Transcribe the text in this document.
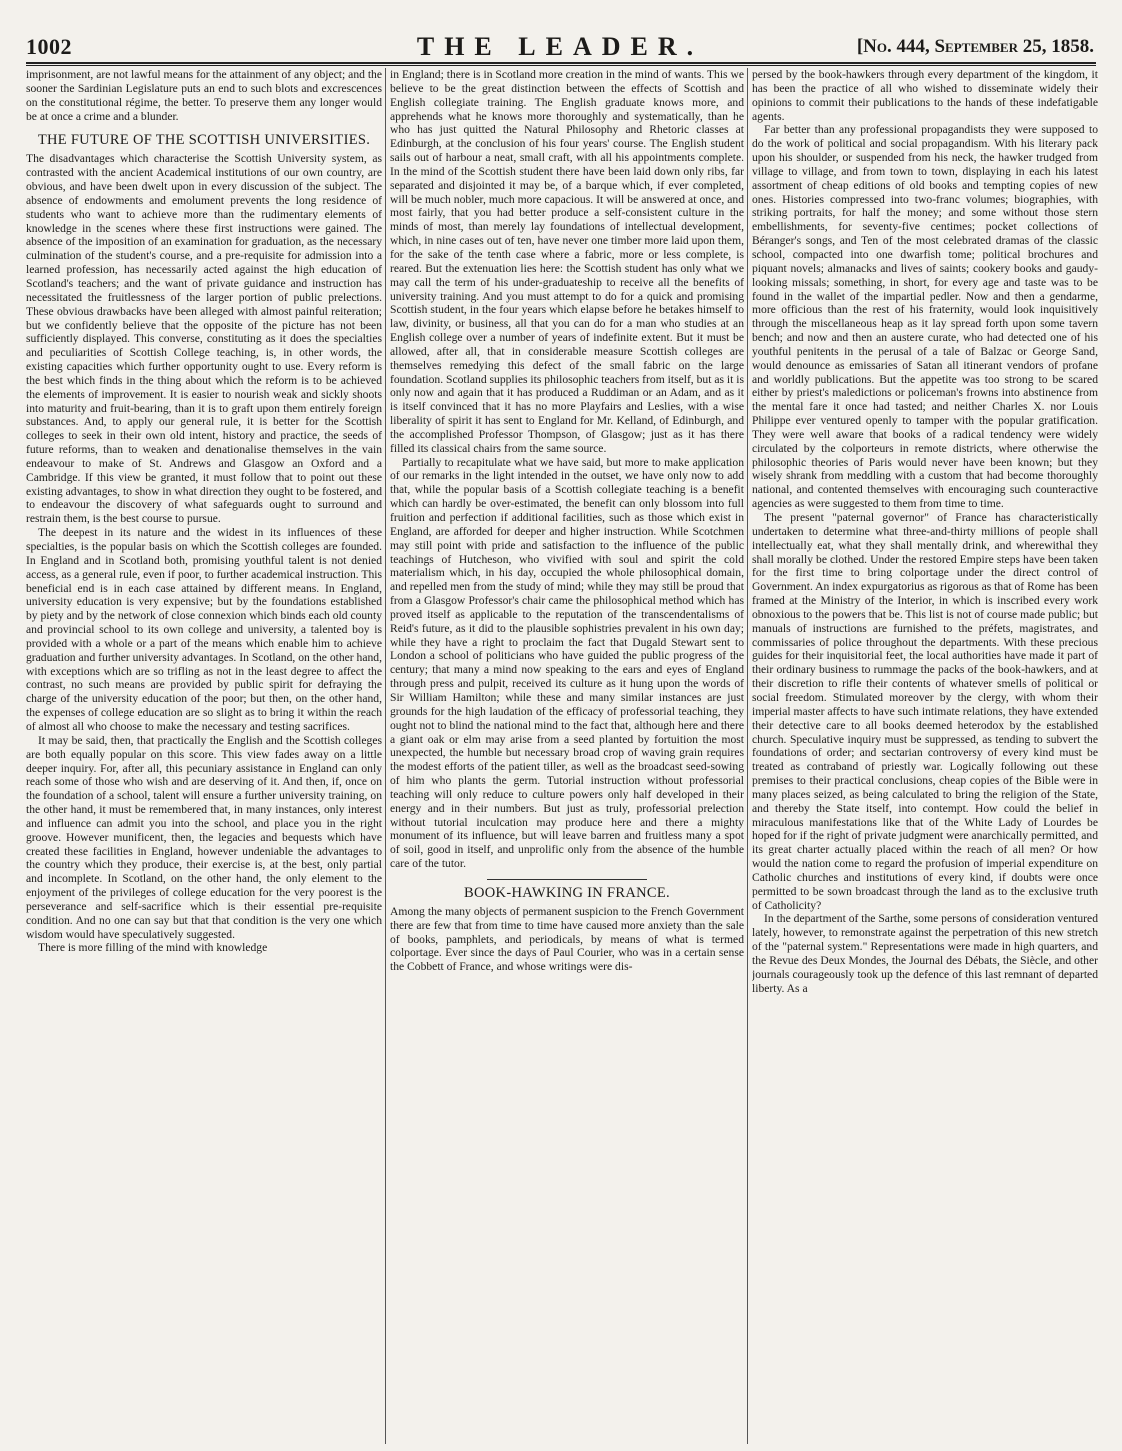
1002	THE LEADER.	[No. 444, September 25, 1858.

imprisonment, are not lawful means for the attainment of any object; and the sooner the Sardinian Legislature puts an end to such blots and excrescences on the constitutional régime, the better. To preserve them any longer would be at once a crime and a blunder.

THE FUTURE OF THE SCOTTISH UNIVERSITIES.

The disadvantages which characterise the Scottish University system, as contrasted with the ancient Academical institutions of our own country, are obvious, and have been dwelt upon in every discussion of the subject. The absence of endowments and emolument prevents the long residence of students who want to achieve more than the rudimentary elements of knowledge in the scenes where these first instructions were gained. The absence of the imposition of an examination for graduation, as the necessary culmination of the student's course, and a pre-requisite for admission into a learned profession, has necessarily acted against the high education of Scotland's teachers; and the want of private guidance and instruction has necessitated the fruitlessness of the larger portion of public prelections. These obvious drawbacks have been alleged with almost painful reiteration; but we confidently believe that the opposite of the picture has not been sufficiently displayed. This converse, constituting as it does the specialties and peculiarities of Scottish College teaching, is, in other words, the existing capacities which further opportunity ought to use. Every reform is the best which finds in the thing about which the reform is to be achieved the elements of improvement. It is easier to nourish weak and sickly shoots into maturity and fruit-bearing, than it is to graft upon them entirely foreign substances. And, to apply our general rule, it is better for the Scottish colleges to seek in their own old intent, history and practice, the seeds of future reforms, than to weaken and denationalise themselves in the vain endeavour to make of St. Andrews and Glasgow an Oxford and a Cambridge. If this view be granted, it must follow that to point out these existing advantages, to show in what direction they ought to be fostered, and to endeavour the discovery of what safeguards ought to surround and restrain them, is the best course to pursue.

The deepest in its nature and the widest in its influences of these specialties, is the popular basis on which the Scottish colleges are founded. In England and in Scotland both, promising youthful talent is not denied access, as a general rule, even if poor, to further academical instruction. This beneficial end is in each case attained by different means. In England, university education is very expensive; but by the foundations established by piety and by the network of close connexion which binds each old county and provincial school to its own college and university, a talented boy is provided with a whole or a part of the means which enable him to achieve graduation and further university advantages. In Scotland, on the other hand, with exceptions which are so trifling as not in the least degree to affect the contrast, no such means are provided by public spirit for defraying the charge of the university education of the poor; but then, on the other hand, the expenses of college education are so slight as to bring it within the reach of almost all who choose to make the necessary and testing sacrifices.

It may be said, then, that practically the English and the Scottish colleges are both equally popular on this score. This view fades away on a little deeper inquiry. For, after all, this pecuniary assistance in England can only reach some of those who wish and are deserving of it. And then, if, once on the foundation of a school, talent will ensure a further university training, on the other hand, it must be remembered that, in many instances, only interest and influence can admit you into the school, and place you in the right groove. However munificent, then, the legacies and bequests which have created these facilities in England, however undeniable the advantages to the country which they produce, their exercise is, at the best, only partial and incomplete. In Scotland, on the other hand, the only element to the enjoyment of the privileges of college education for the very poorest is the perseverance and self-sacrifice which is their essential pre-requisite condition. And no one can say but that that condition is the very one which wisdom would have speculatively suggested.

There is more filling of the mind with knowledge

in England; there is in Scotland more creation in the mind of wants. This we believe to be the great distinction between the effects of Scottish and English collegiate training. The English graduate knows more, and apprehends what he knows more thoroughly and systematically, than he who has just quitted the Natural Philosophy and Rhetoric classes at Edinburgh, at the conclusion of his four years' course. The English student sails out of harbour a neat, small craft, with all his appointments complete. In the mind of the Scottish student there have been laid down only ribs, far separated and disjointed it may be, of a barque which, if ever completed, will be much nobler, much more capacious. It will be answered at once, and most fairly, that you had better produce a self-consistent culture in the minds of most, than merely lay foundations of intellectual development, which, in nine cases out of ten, have never one timber more laid upon them, for the sake of the tenth case where a fabric, more or less complete, is reared. But the extenuation lies here: the Scottish student has only what we may call the term of his under-graduateship to receive all the benefits of university training. And you must attempt to do for a quick and promising Scottish student, in the four years which elapse before he betakes himself to law, divinity, or business, all that you can do for a man who studies at an English college over a number of years of indefinite extent. But it must be allowed, after all, that in considerable measure Scottish colleges are themselves remedying this defect of the small fabric on the large foundation. Scotland supplies its philosophic teachers from itself, but as it is only now and again that it has produced a Ruddiman or an Adam, and as it is itself convinced that it has no more Playfairs and Leslies, with a wise liberality of spirit it has sent to England for Mr. Kelland, of Edinburgh, and the accomplished Professor Thompson, of Glasgow; just as it has there filled its classical chairs from the same source.

Partially to recapitulate what we have said, but more to make application of our remarks in the light intended in the outset, we have only now to add that, while the popular basis of a Scottish collegiate teaching is a benefit which can hardly be over-estimated, the benefit can only blossom into full fruition and perfection if additional facilities, such as those which exist in England, are afforded for deeper and higher instruction. While Scotchmen may still point with pride and satisfaction to the influence of the public teachings of Hutcheson, who vivified with soul and spirit the cold materialism which, in his day, occupied the whole philosophical domain, and repelled men from the study of mind; while they may still be proud that from a Glasgow Professor's chair came the philosophical method which has proved itself as applicable to the reputation of the transcendentalisms of Reid's future, as it did to the plausible sophistries prevalent in his own day; while they have a right to proclaim the fact that Dugald Stewart sent to London a school of politicians who have guided the public progress of the century; that many a mind now speaking to the ears and eyes of England through press and pulpit, received its culture as it hung upon the words of Sir William Hamilton; while these and many similar instances are just grounds for the high laudation of the efficacy of professorial teaching, they ought not to blind the national mind to the fact that, although here and there a giant oak or elm may arise from a seed planted by fortuition the most unexpected, the humble but necessary broad crop of waving grain requires the modest efforts of the patient tiller, as well as the broadcast seed-sowing of him who plants the germ. Tutorial instruction without professorial teaching will only reduce to culture powers only half developed in their energy and in their numbers. But just as truly, professorial prelection without tutorial inculcation may produce here and there a mighty monument of its influence, but will leave barren and fruitless many a spot of soil, good in itself, and unprolific only from the absence of the humble care of the tutor.

BOOK-HAWKING IN FRANCE.

Among the many objects of permanent suspicion to the French Government there are few that from time to time have caused more anxiety than the sale of books, pamphlets, and periodicals, by means of what is termed colportage. Ever since the days of Paul Courier, who was in a certain sense the Cobbett of France, and whose writings were dis-

persed by the book-hawkers through every department of the kingdom, it has been the practice of all who wished to disseminate widely their opinions to commit their publications to the hands of these indefatigable agents.

Far better than any professional propagandists they were supposed to do the work of political and social propagandism. With his literary pack upon his shoulder, or suspended from his neck, the hawker trudged from village to village, and from town to town, displaying in each his latest assortment of cheap editions of old books and tempting copies of new ones. Histories compressed into two-franc volumes; biographies, with striking portraits, for half the money; and some without those stern embellishments, for seventy-five centimes; pocket collections of Béranger's songs, and Ten of the most celebrated dramas of the classic school, compacted into one dwarfish tome; political brochures and piquant novels; almanacks and lives of saints; cookery books and gaudy-looking missals; something, in short, for every age and taste was to be found in the wallet of the impartial pedler. Now and then a gendarme, more officious than the rest of his fraternity, would look inquisitively through the miscellaneous heap as it lay spread forth upon some tavern bench; and now and then an austere curate, who had detected one of his youthful penitents in the perusal of a tale of Balzac or George Sand, would denounce as emissaries of Satan all itinerant vendors of profane and worldly publications. But the appetite was too strong to be scared either by priest's maledictions or policeman's frowns into abstinence from the mental fare it once had tasted; and neither Charles X. nor Louis Philippe ever ventured openly to tamper with the popular gratification. They were well aware that books of a radical tendency were widely circulated by the colporteurs in remote districts, where otherwise the philosophic theories of Paris would never have been known; but they wisely shrank from meddling with a custom that had become thoroughly national, and contented themselves with encouraging such counteractive agencies as were suggested to them from time to time.

The present "paternal governor" of France has characteristically undertaken to determine what three-and-thirty millions of people shall intellectually eat, what they shall mentally drink, and wherewithal they shall morally be clothed. Under the restored Empire steps have been taken for the first time to bring colportage under the direct control of Government. An index expurgatorius as rigorous as that of Rome has been framed at the Ministry of the Interior, in which is inscribed every work obnoxious to the powers that be. This list is not of course made public; but manuals of instructions are furnished to the préfets, magistrates, and commissaries of police throughout the departments. With these precious guides for their inquisitorial feet, the local authorities have made it part of their ordinary business to rummage the packs of the book-hawkers, and at their discretion to rifle their contents of whatever smells of political or social freedom. Stimulated moreover by the clergy, with whom their imperial master affects to have such intimate relations, they have extended their detective care to all books deemed heterodox by the established church. Speculative inquiry must be suppressed, as tending to subvert the foundations of order; and sectarian controversy of every kind must be treated as contraband of priestly war. Logically following out these premises to their practical conclusions, cheap copies of the Bible were in many places seized, as being calculated to bring the religion of the State, and thereby the State itself, into contempt. How could the belief in miraculous manifestations like that of the White Lady of Lourdes be hoped for if the right of private judgment were anarchically permitted, and its great charter actually placed within the reach of all men? Or how would the nation come to regard the profusion of imperial expenditure on Catholic churches and institutions of every kind, if doubts were once permitted to be sown broadcast through the land as to the exclusive truth of Catholicity?

In the department of the Sarthe, some persons of consideration ventured lately, however, to remonstrate against the perpetration of this new stretch of the "paternal system." Representations were made in high quarters, and the Revue des Deux Mondes, the Journal des Débats, the Siècle, and other journals courageously took up the defence of this last remnant of departed liberty. As a
